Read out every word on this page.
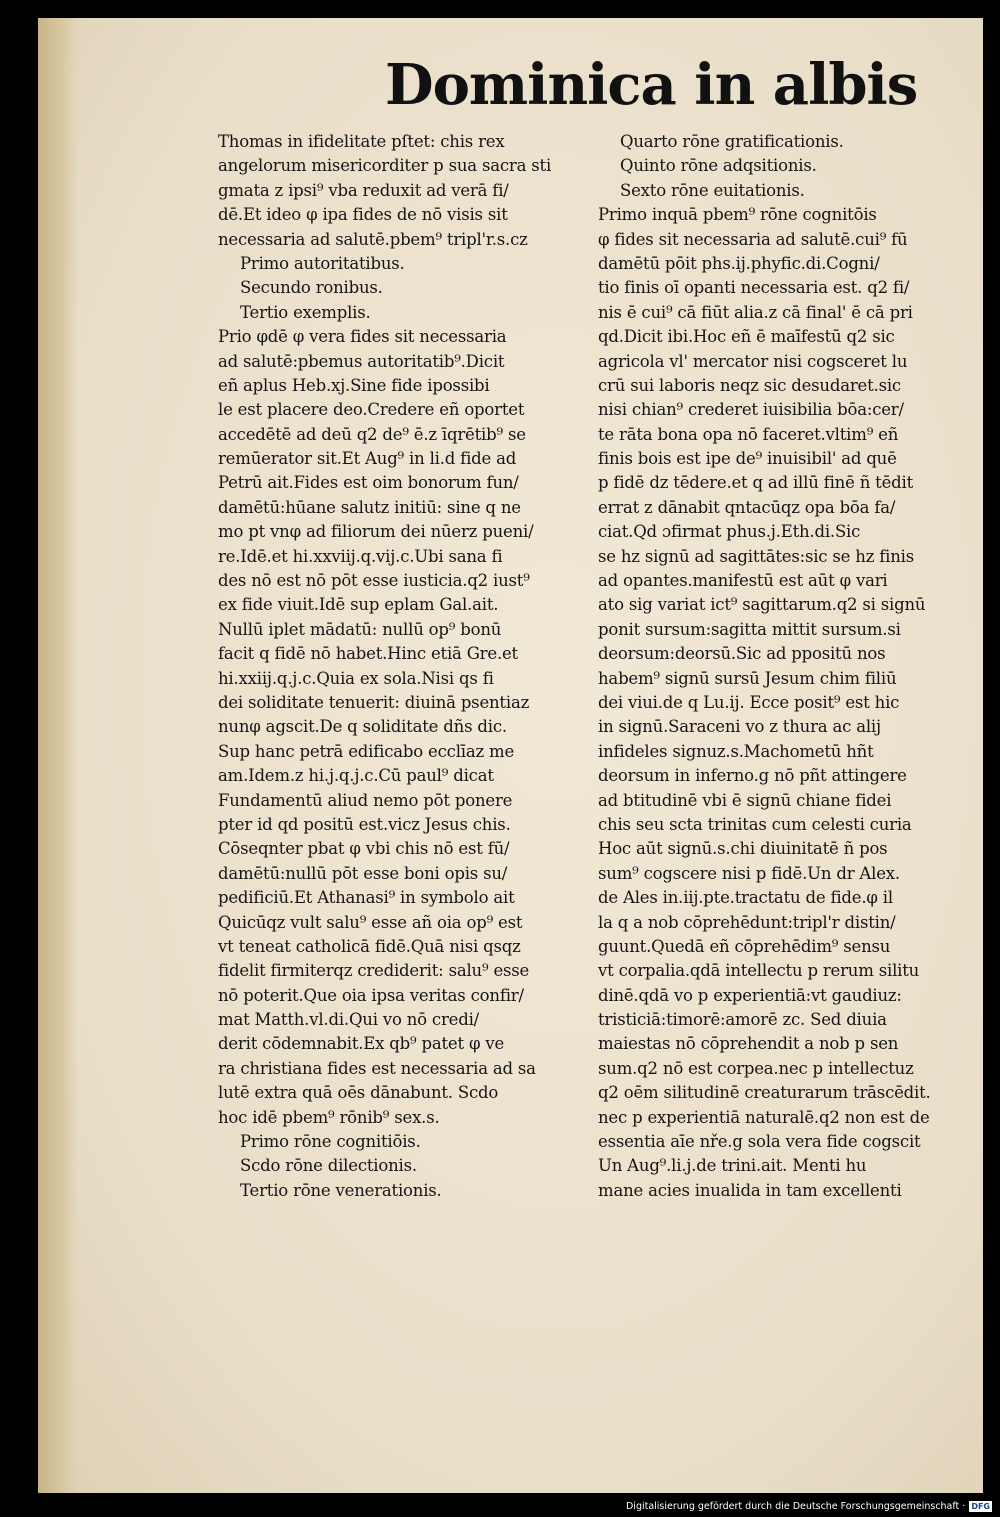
Dominica in albis
Thomas in ifidelitate pſtet: chis rex
angelorum misericorditer p sua sacra sti
gmata z ipsi⁹ vba reduxit ad verā fi/
dē.Et ideo φ ipa fides de nō visis sit
necessaria ad salutē.pbem⁹ tripl'r.s.cz
Primo autoritatibus.
Secundo ronibus.
Tertio exemplis.
Prio φdē φ vera fides sit necessaria
ad salutē:pbemus autoritatib⁹.Dicit
eñ aplus Heb.xj.Sine fide ipossibi
le est placere deo.Credere eñ oportet
accedētē ad deū q2 de⁹ ē.z īqrētib⁹ se
remūerator sit.Et Aug⁹ in li.d fide ad
Petrū ait.Fides est oim bonorum fun/
damētū:hūane salutz initiū: sine q ne
mo pt vnφ ad filiorum dei nūerz pueni/
re.Idē.et hi.xxviij.q.vij.c.Ubi sana fi
des nō est nō pōt esse iusticia.q2 iust⁹
ex fide viuit.Idē sup eplam Gal.ait.
Nullū iplet mādatū: nullū op⁹ bonū
facit q fidē nō habet.Hinc etiā Gre.et
hi.xxiij.q.j.c.Quia ex sola.Nisi qs fi
dei soliditate tenuerit: diuinā psentiaz
nunφ agscit.De q soliditate dñs dic.
Sup hanc petrā edificabo ecclīaz me
am.Idem.z hi.j.q.j.c.Cū paul⁹ dicat
Fundamentū aliud nemo pōt ponere
pter id qd positū est.vicz Jesus chis.
Cōseqnter pbat φ vbi chis nō est fū/
damētū:nullū pōt esse boni opis su/
pedificiū.Et Athanasi⁹ in symbolo ait
Quicūqz vult salu⁹ esse añ oia op⁹ est
vt teneat catholicā fidē.Quā nisi qsqz
fidelit firmiterqz crediderit: salu⁹ esse
nō poterit.Que oia ipsa veritas confir/
mat Matth.vl.di.Qui vo nō credi/
derit cōdemnabit.Ex qb⁹ patet φ ve
ra christiana fides est necessaria ad sa
lutē extra quā oēs dānabunt. Scdo
hoc idē pbem⁹ rōnib⁹ sex.s.
Primo rōne cognitiōis.
Scdo rōne dilectionis.
Tertio rōne venerationis.
Quarto rōne gratificationis.
Quinto rōne adqsitionis.
Sexto rōne euitationis.
Primo inquā pbem⁹ rōne cognitōis
φ fides sit necessaria ad salutē.cui⁹ fū
damētū pōit phs.ij.phyfic.di.Cogni/
tio finis oī opanti necessaria est. q2 fi/
nis ē cui⁹ cā fiūt alia.z cā final' ē cā pri
qd.Dicit ibi.Hoc eñ ē maīfestū q2 sic
agricola vl' mercator nisi cogsceret lu
crū sui laboris neqz sic desudaret.sic
nisi chian⁹ crederet iuisibilia bōa:cer/
te rāta bona opa nō faceret.vltim⁹ eñ
finis bois est ipe de⁹ inuisibil' ad quē
p fidē dz tēdere.et q ad illū finē ñ tēdit
errat z dānabit qntacūqz opa bōa fa/
ciat.Qd ɔfirmat phus.j.Eth.di.Sic
se hz signū ad sagittātes:sic se hz finis
ad opantes.manifestū est aūt φ vari
ato sig variat ict⁹ sagittarum.q2 si signū
ponit sursum:sagitta mittit sursum.si
deorsum:deorsū.Sic ad ppositū nos
habem⁹ signū sursū Jesum chim filiū
dei viui.de q Lu.ij. Ecce posit⁹ est hic
in signū.Saraceni vo z thura ac alij
infideles signuz.s.Machometū hñt
deorsum in inferno.g nō pñt attingere
ad btitudinē vbi ē signū chiane fidei
chis seu scta trinitas cum celesti curia
Hoc aūt signū.s.chi diuinitatē ñ pos
sum⁹ cogscere nisi p fidē.Un dr Alex.
de Ales in.iij.pte.tractatu de fide.φ il
la q a nob cōprehēdunt:tripl'r distin/
guunt.Quedā eñ cōprehēdim⁹ sensu
vt corpalia.qdā intellectu p rerum silitu
dinē.qdā vo p experientiā:vt gaudiuz:
tristiciā:timorē:amorē zc. Sed diuia
maiestas nō cōprehendit a nob p sen
sum.q2 nō est corpea.nec p intellectuz
q2 oēm silitudinē creaturarum trāscēdit.
nec p experientiā naturalē.q2 non est de
essentia aīe nře.g sola vera fide cogscit
Un Aug⁹.li.j.de trini.ait. Menti hu
mane acies inualida in tam excellenti
Digitalisierung gefördert durch die Deutsche Forschungsgemeinschaft · DFG
